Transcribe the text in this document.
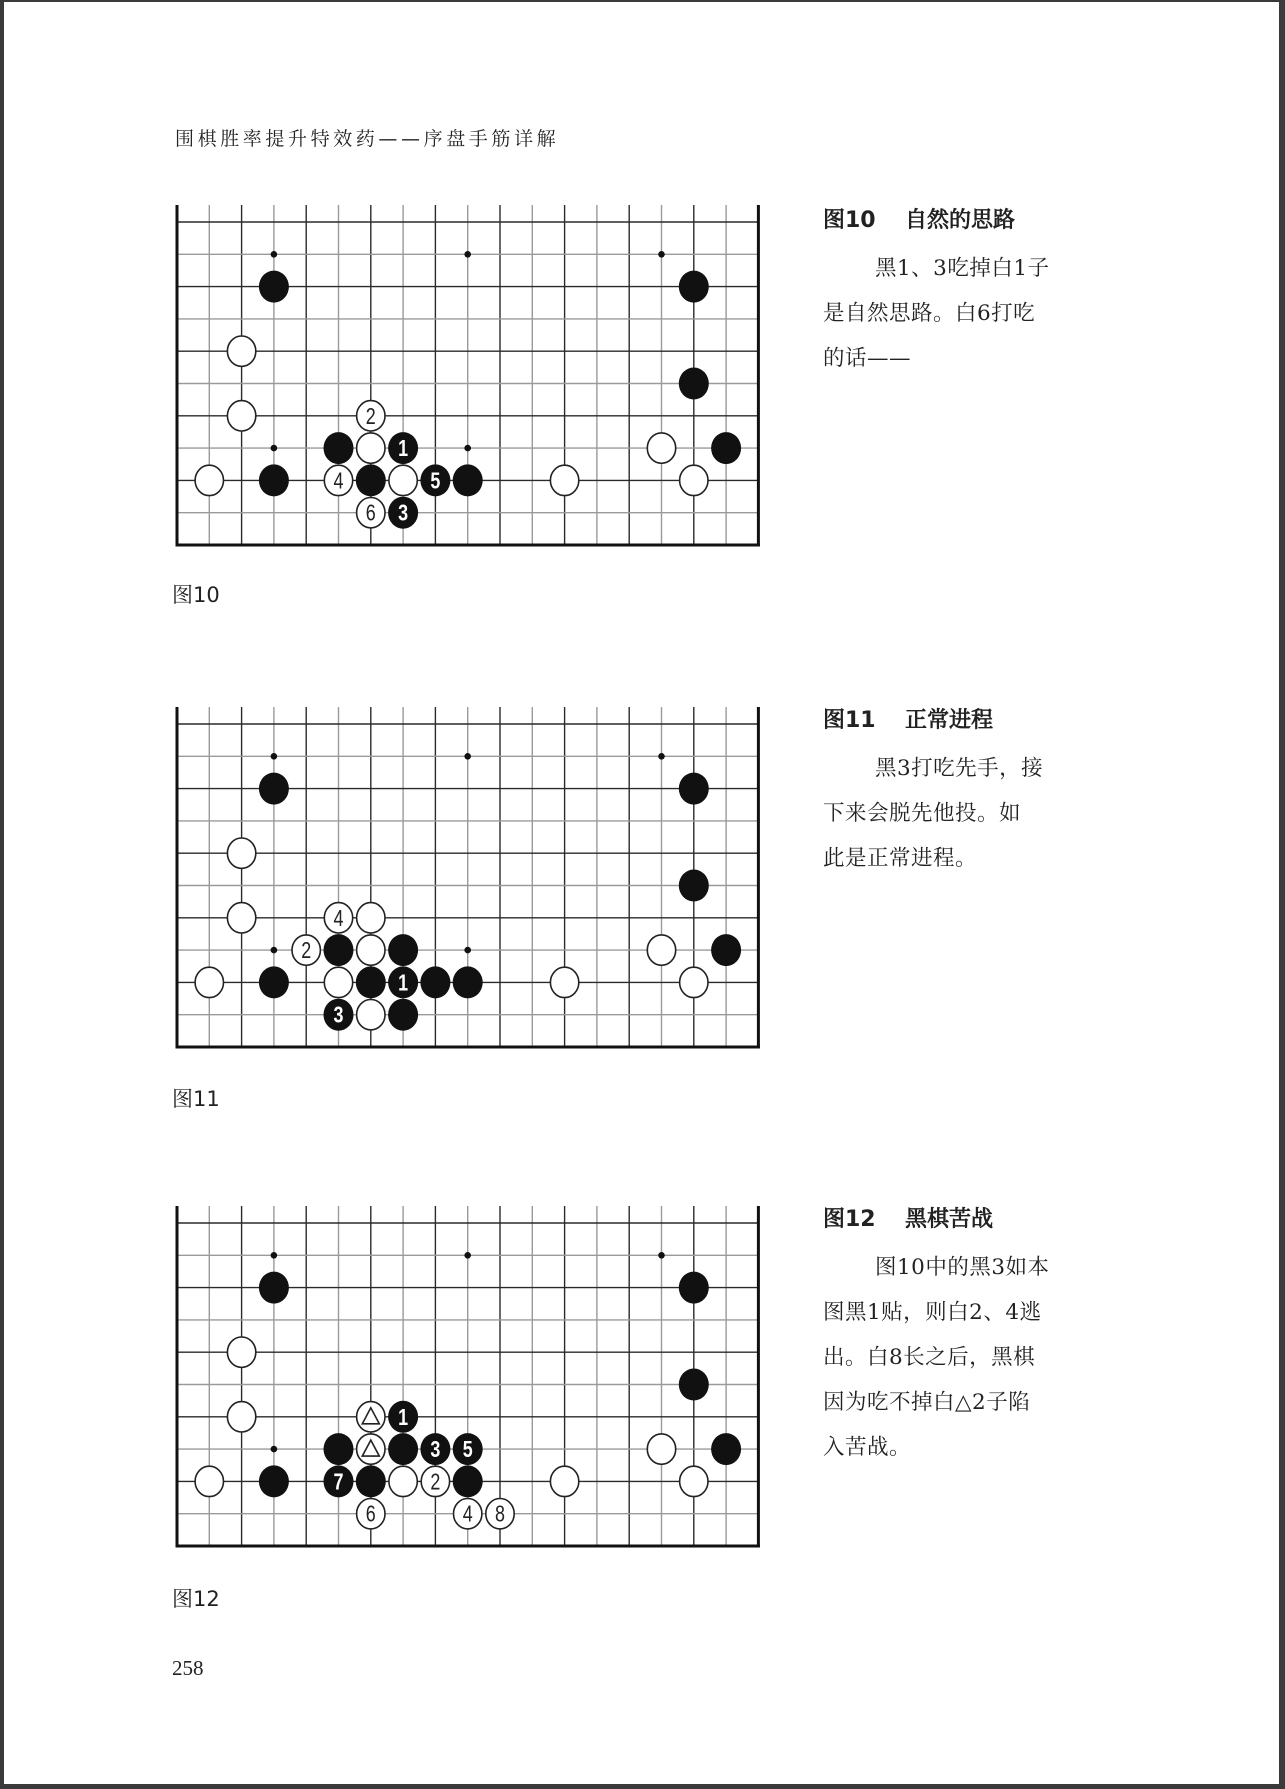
围棋胜率提升特效药——序盘手筋详解
1
5
3
2
4
6
图10
图10 自然的思路
黑1、3吃掉白1子
是自然思路。白6打吃
的话——
1
3
4
2
图11
图11 正常进程
黑3打吃先手，接
下来会脱先他投。如
此是正常进程。
1
3 5
7	2
6	4 8
图12
图12 黑棋苦战
图10中的黑3如本
图黑1贴，则白2、4逃
出。白8长之后，黑棋
因为吃不掉白△2子陷
入苦战。
258
